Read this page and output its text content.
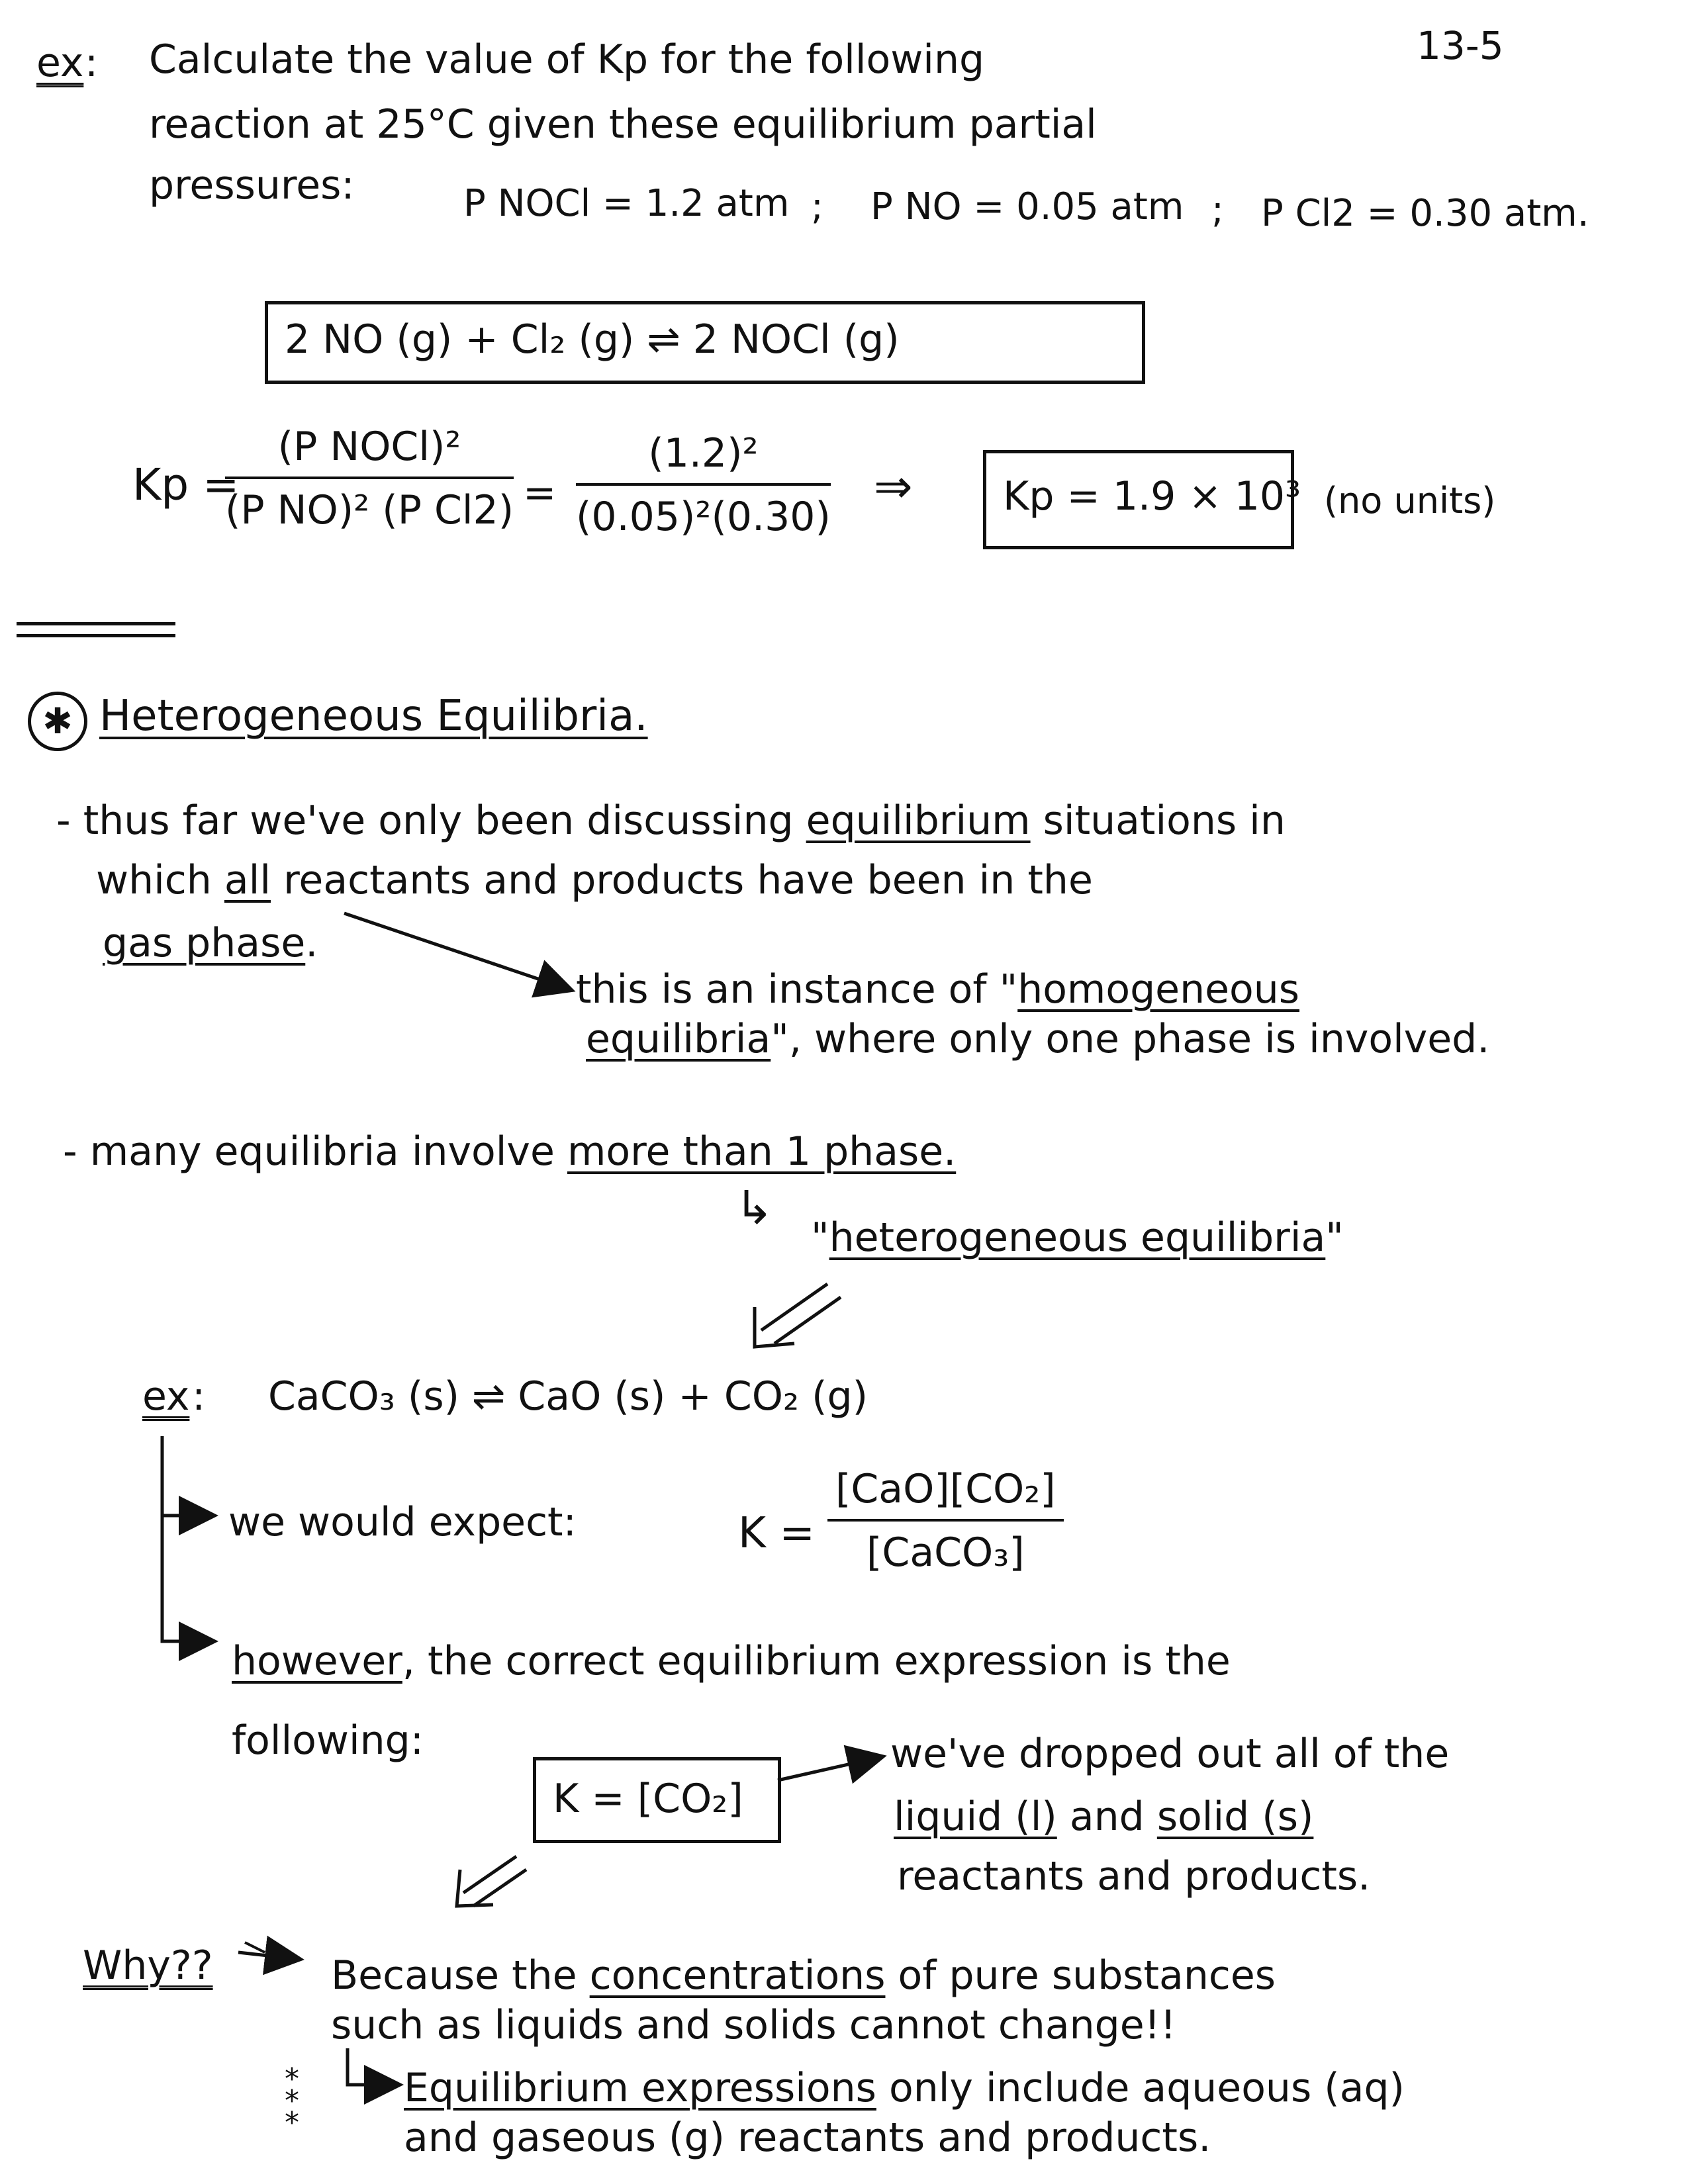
13-5
ex : Calculate the value of Kp for the following
reaction at 25°C given these equilibrium partial
pressures:	P NOCl = 1.2 atm ; P NO = 0.05 atm ; P Cl2 = 0.30 atm.
2 NO (g) + Cl₂ (g) ⇌ 2 NOCl (g)
Kp =
(P NOCl)²
(P NO)² (P Cl2) =
(1.2)²
(0.05)²(0.30)
⇒ Kp = 1.9 × 10³ (no units)
✱ Heterogeneous Equilibria.
- thus far we've only been discussing equilibrium situations in
which all reactants and products have been in the
gas phase.
this is an instance of "homogeneous
equilibria", where only one phase is involved.
- many equilibria involve more than 1 phase.
↳
"heterogeneous equilibria"
ex : CaCO₃ (s) ⇌ CaO (s) + CO₂ (g)
we would expect:	K =
[CaO][CO₂]
[CaCO₃]
however, the correct equilibrium expression is the
following:
K = [CO₂]
we've dropped out all of the
liquid (l) and solid (s)
reactants and products.
Why??	Because the concentrations of pure substances
such as liquids and solids cannot change!!
* * *
Equilibrium expressions only include aqueous (aq)
and gaseous (g) reactants and products.
